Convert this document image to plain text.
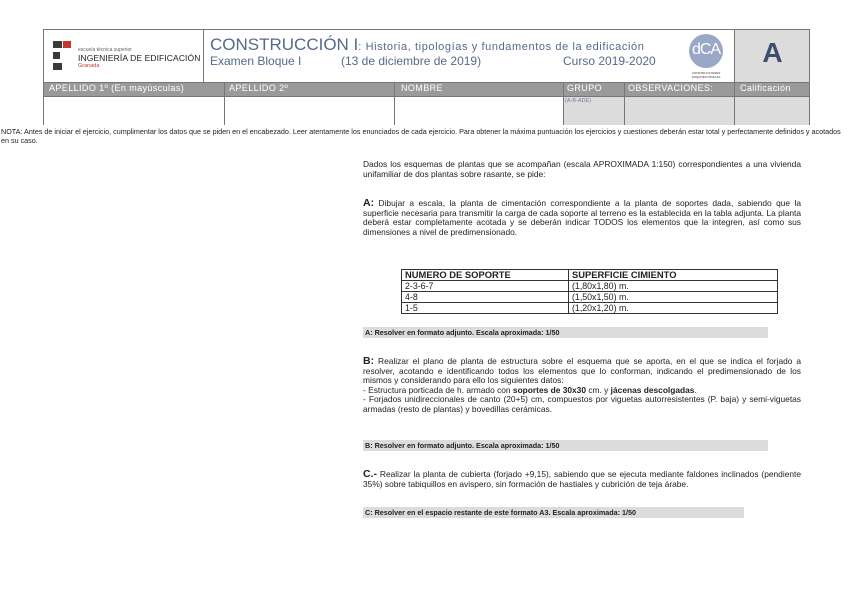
escuela técnica superior
INGENIERÍA DE EDIFICACIÓN
Granada
CONSTRUCCIÓN I: Historia, tipologías y fundamentos de la edificación
Examen Bloque I	(13 de diciembre de 2019)	Curso 2019-2020
dCA
CONSTRUCCIONES ARQUITECTÓNICAS
A
APELLIDO 1º (En mayúsculas)	APELLIDO 2º	NOMBRE	GRUPO	OBSERVACIONES:	Calificación
(A-B-ADE)
NOTA: Antes de iniciar el ejercicio, cumplimentar los datos que se piden en el encabezado. Leer atentamente los enunciados de cada ejercicio. Para obtener la máxima puntuación los ejercicios y cuestiones deberán estar total y perfectamente definidos y acotados en su caso.
Dados los esquemas de plantas que se acompañan (escala APROXIMADA 1:150) correspondientes a una vivienda unifamiliar de dos plantas sobre rasante, se pide:
A: Dibujar a escala, la planta de cimentación correspondiente a la planta de soportes dada, sabiendo que la superficie necesaria para transmitir la carga de cada soporte al terreno es la establecida en la tabla adjunta. La planta deberá estar completamente acotada y se deberán indicar TODOS los elementos que la integren, así como sus dimensiones a nivel de predimensionado.
NUMERO DE SOPORTE	SUPERFICIE CIMIENTO
2-3-6-7	(1,80x1,80) m.
4-8	(1,50x1,50) m.
1-5	(1,20x1,20) m.
A: Resolver en formato adjunto. Escala aproximada: 1/50
B: Realizar el plano de planta de estructura sobre el esquema que se aporta, en el que se indica el forjado a resolver, acotando e identificando todos los elementos que lo conforman, indicando el predimensionado de los mismos y considerando para ello los siguientes datos:
- Estructura porticada de h. armado con soportes de 30x30 cm. y jácenas descolgadas.
- Forjados unidireccionales de canto (20+5) cm, compuestos por viguetas autorresistentes (P. baja) y semi-viguetas armadas (resto de plantas) y bovedillas cerámicas.
B: Resolver en formato adjunto. Escala aproximada: 1/50
C.- Realizar la planta de cubierta (forjado +9,15), sabiendo que se ejecuta mediante faldones inclinados (pendiente 35%) sobre tabiquillos en avispero, sin formación de hastiales y cubrición de teja árabe.
C: Resolver en el espacio restante de este formato A3. Escala aproximada: 1/50
